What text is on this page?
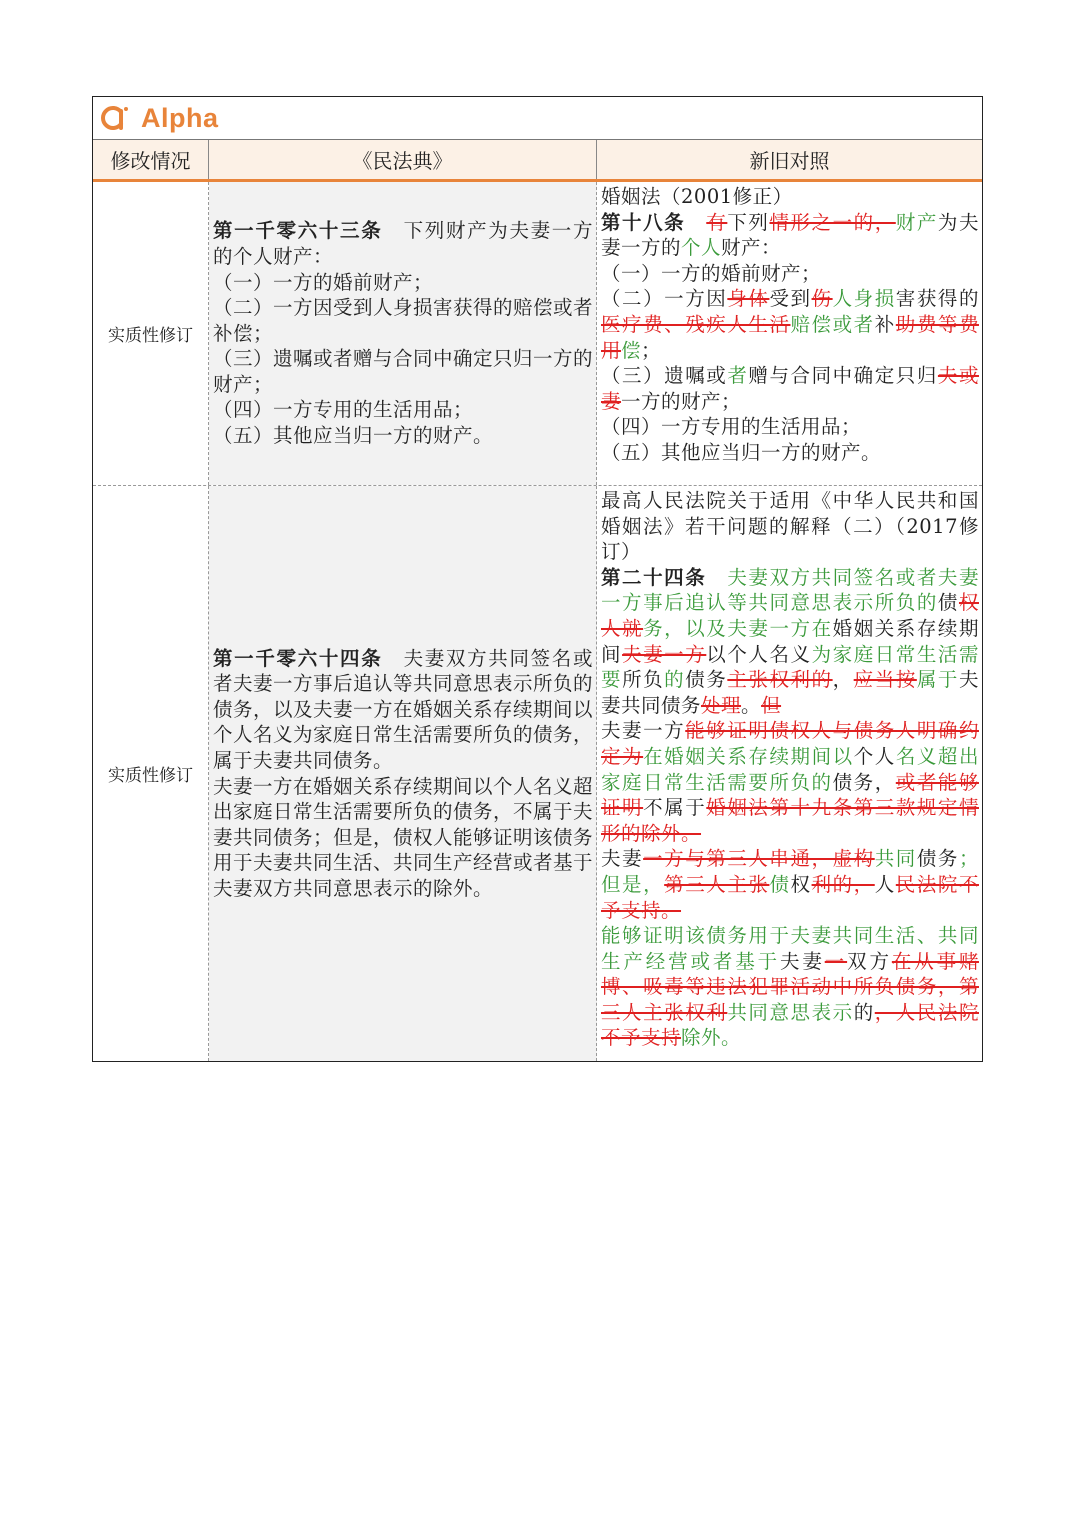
Alpha
修改情况	《民法典》	新旧对照
实质性修订

第一千零六十三条　下列财产为夫妻一方的个人财产：

（一）一方的婚前财产；

（二）一方因受到人身损害获得的赔偿或者补偿；

（三）遗嘱或者赠与合同中确定只归一方的财产；

（四）一方专用的生活用品；

（五）其他应当归一方的财产。

婚姻法（2001修正）

第十八条　 有下列情形之一的，财产为夫妻一方的个人财产：

（一）一方的婚前财产；

（二）一方因身体受到伤人身损害获得的医疗费、残疾人生活赔偿或者补助费等费用偿；

（三）遗嘱或者赠与合同中确定只归夫或妻一方的财产；

（四）一方专用的生活用品；

（五）其他应当归一方的财产。

实质性修订

第一千零六十四条　夫妻双方共同签名或者夫妻一方事后追认等共同意思表示所负的债务，以及夫妻一方在婚姻关系存续期间以个人名义为家庭日常生活需要所负的债务，属于夫妻共同债务。

夫妻一方在婚姻关系存续期间以个人名义超出家庭日常生活需要所负的债务，不属于夫妻共同债务；但是，债权人能够证明该债务用于夫妻共同生活、共同生产经营或者基于夫妻双方共同意思表示的除外。

最高人民法院关于适用《中华人民共和国婚姻法》若干问题的解释（二）（2017修订）

第二十四条　 夫妻双方共同签名或者夫妻一方事后追认等共同意思表示所负的债权人就务，以及夫妻一方在婚姻关系存续期间夫妻一方以个人名义为家庭日常生活需要所负的债务主张权利的，应当按属于夫妻共同债务处理。但

夫妻一方能够证明债权人与债务人明确约定为在婚姻关系存续期间以个人名义超出家庭日常生活需要所负的债务，或者能够证明不属于婚姻法第十九条第三款规定情形的除外。

夫妻一方与第三人串通，虚构共同债务；但是，第三人主张债权利的，人民法院不予支持。

能够证明该债务用于夫妻共同生活、共同生产经营或者基于夫妻一双方在从事赌博、吸毒等违法犯罪活动中所负债务，第三人主张权利共同意思表示的，人民法院不予支持除外。
